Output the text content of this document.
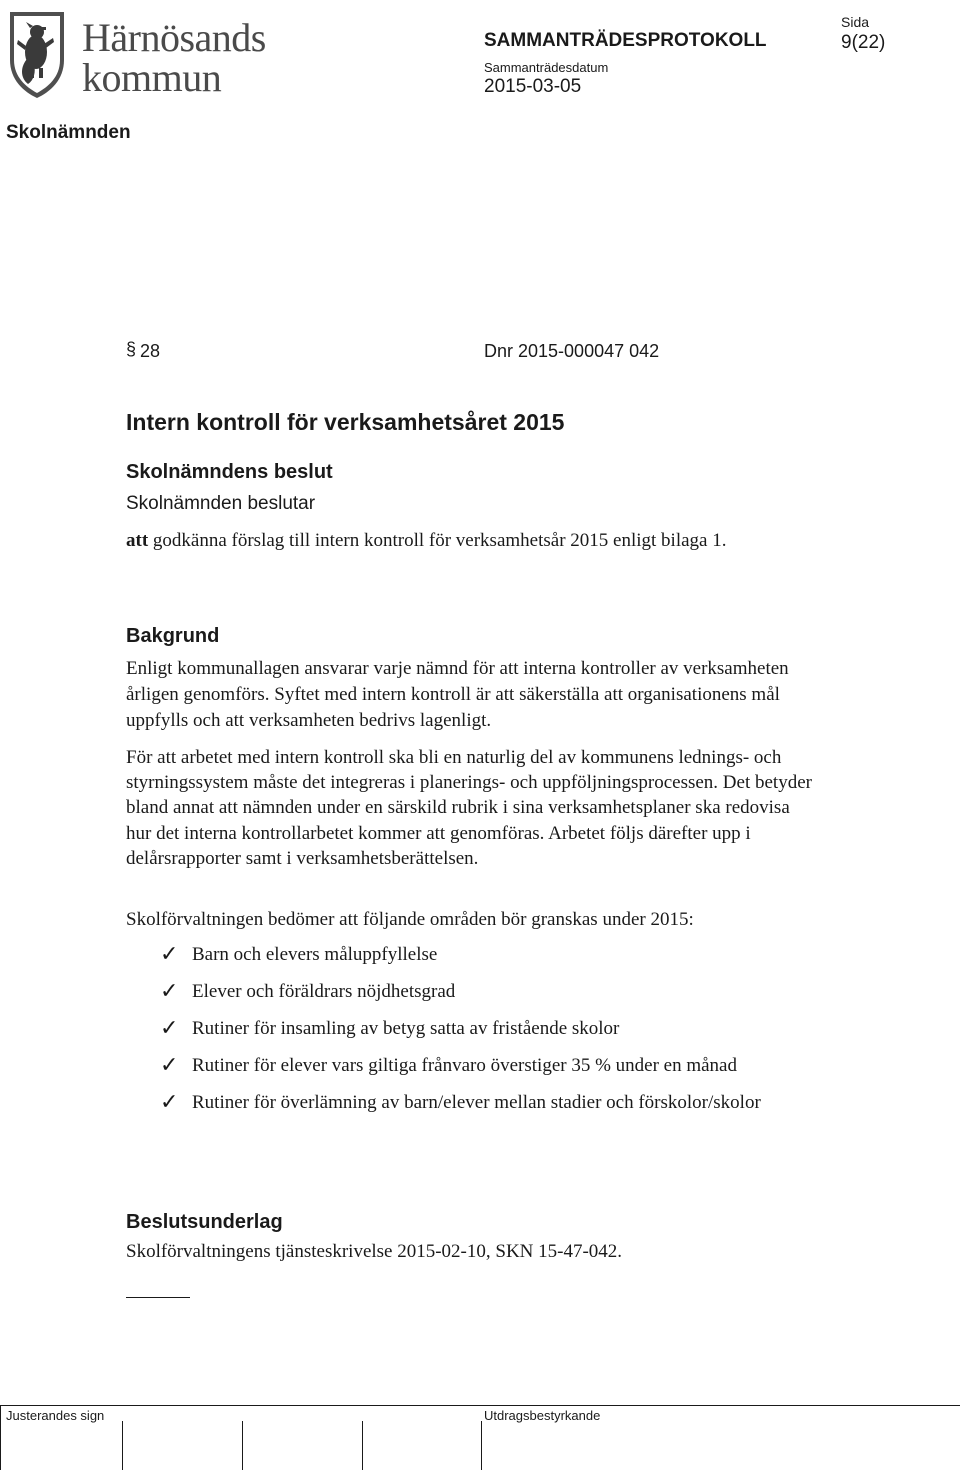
Härnösands
kommun
SAMMANTRÄDESPROTOKOLL
Sida
9(22)
Sammanträdesdatum
2015-03-05
Skolnämnden
§ 28	Dnr 2015-000047 042
Intern kontroll för verksamhetsåret 2015
Skolnämndens beslut
Skolnämnden beslutar
att godkänna förslag till intern kontroll för verksamhetsår 2015 enligt bilaga 1.
Bakgrund
Enligt kommunallagen ansvarar varje nämnd för att interna kontroller av verksamheten årligen genomförs. Syftet med intern kontroll är att säkerställa att organisationens mål uppfylls och att verksamheten bedrivs lagenligt.
För att arbetet med intern kontroll ska bli en naturlig del av kommunens lednings- och styrningssystem måste det integreras i planerings- och uppföljningsprocessen. Det betyder bland annat att nämnden under en särskild rubrik i sina verksamhetsplaner ska redovisa hur det interna kontrollarbetet kommer att genomföras. Arbetet följs därefter upp i delårsrapporter samt i verksamhetsberättelsen.
Skolförvaltningen bedömer att följande områden bör granskas under 2015:
✓ Barn och elevers måluppfyllelse
✓ Elever och föräldrars nöjdhetsgrad
✓ Rutiner för insamling av betyg satta av fristående skolor
✓ Rutiner för elever vars giltiga frånvaro överstiger 35 % under en månad
✓ Rutiner för överlämning av barn/elever mellan stadier och förskolor/skolor
Beslutsunderlag
Skolförvaltningens tjänsteskrivelse 2015-02-10, SKN 15-47-042.
Justerandes sign	Utdragsbestyrkande
